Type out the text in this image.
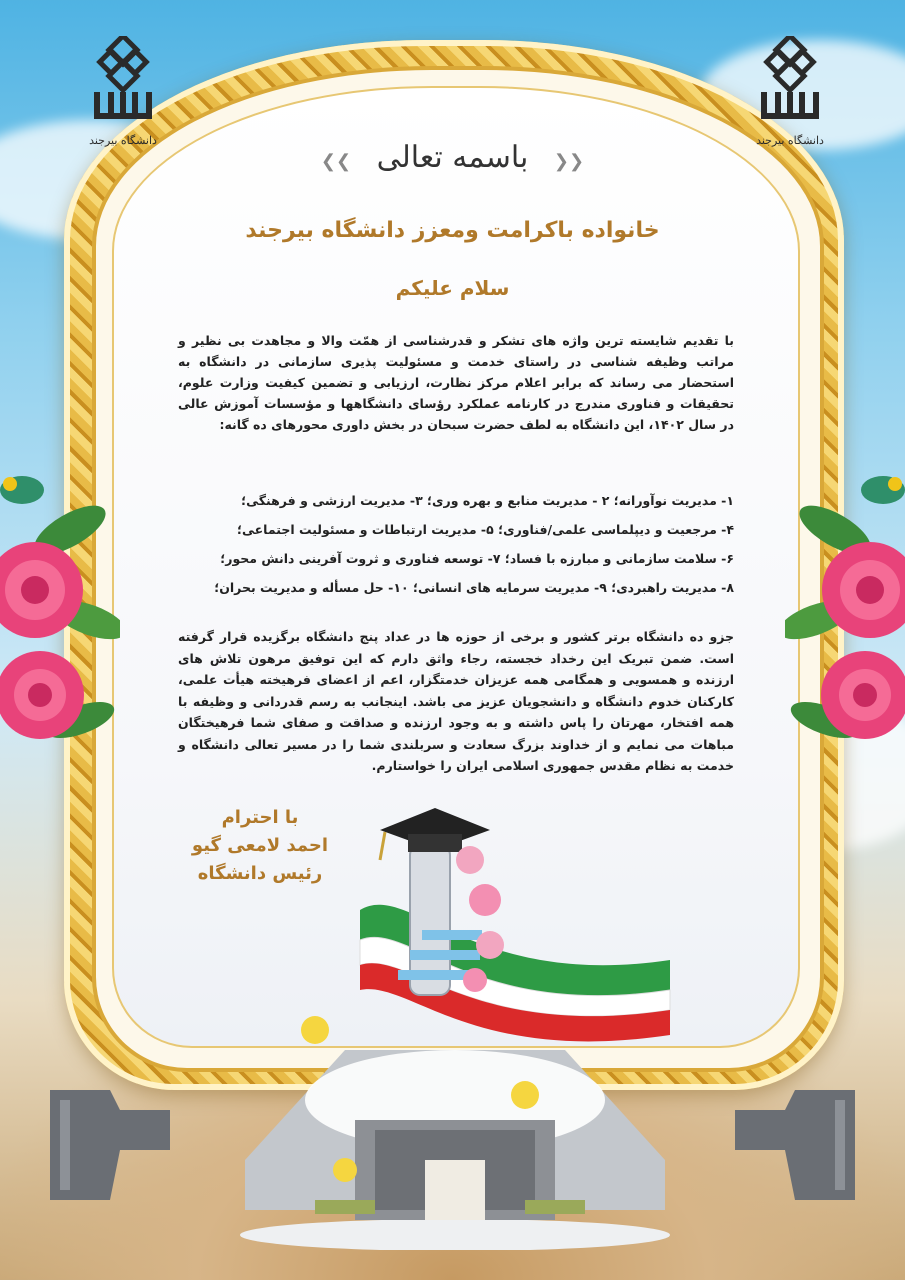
دانشگاه بیرجند	دانشگاه بیرجند
❮❮ باسمه تعالی ❯❯
خانواده باکرامت ومعزز دانشگاه بیرجند
سلام علیکم
با تقدیم شایسته ترین واژه های تشکر و قدرشناسی از همّت والا و مجاهدت بی نظیر و مراتب وظیفه شناسی در راستای خدمت و مسئولیت پذیری سازمانی در دانشگاه به استحضار می رساند که برابر اعلام مرکز نظارت، ارزیابی و تضمین کیفیت وزارت علوم، تحقیقات و فناوری مندرج در کارنامه عملکرد رؤسای دانشگاهها و مؤسسات آموزش عالی در سال ۱۴۰۲، این دانشگاه به لطف حضرت سبحان در بخش داوری محورهای ده گانه:
۱- مدیریت نوآورانه؛ ۲ - مدیریت منابع و بهره وری؛ ۳- مدیریت ارزشی و فرهنگی؛
۴- مرجعیت و دیپلماسی علمی/فناوری؛ ۵- مدیریت ارتباطات و مسئولیت اجتماعی؛
۶- سلامت سازمانی و مبارزه با فساد؛ ۷- توسعه فناوری و ثروت آفرینی دانش محور؛
۸- مدیریت راهبردی؛ ۹- مدیریت سرمایه های انسانی؛ ۱۰- حل مسأله و مدیریت بحران؛
جزو ده دانشگاه برتر کشور و برخی از حوزه ها در عداد پنج دانشگاه برگزیده قرار گرفته است. ضمن تبریک این رخداد خجسته، رجاء واثق دارم که این توفیق مرهون تلاش های ارزنده و همسویی و همگامی همه عزیزان خدمتگزار، اعم از اعضای فرهیخته هیأت علمی، کارکنان خدوم دانشگاه و دانشجویان عزیز می باشد. اینجانب به رسم قدردانی و وظیفه با همه افتخار، مهرتان را پاس داشته و به وجود ارزنده و صداقت و صفای شما فرهیختگان مباهات می نمایم و از خداوند بزرگ سعادت و سربلندی شما را در مسیر تعالی دانشگاه و خدمت به نظام مقدس جمهوری اسلامی ایران را خواستارم.
با احترام
احمد لامعی گیو
رئیس دانشگاه
